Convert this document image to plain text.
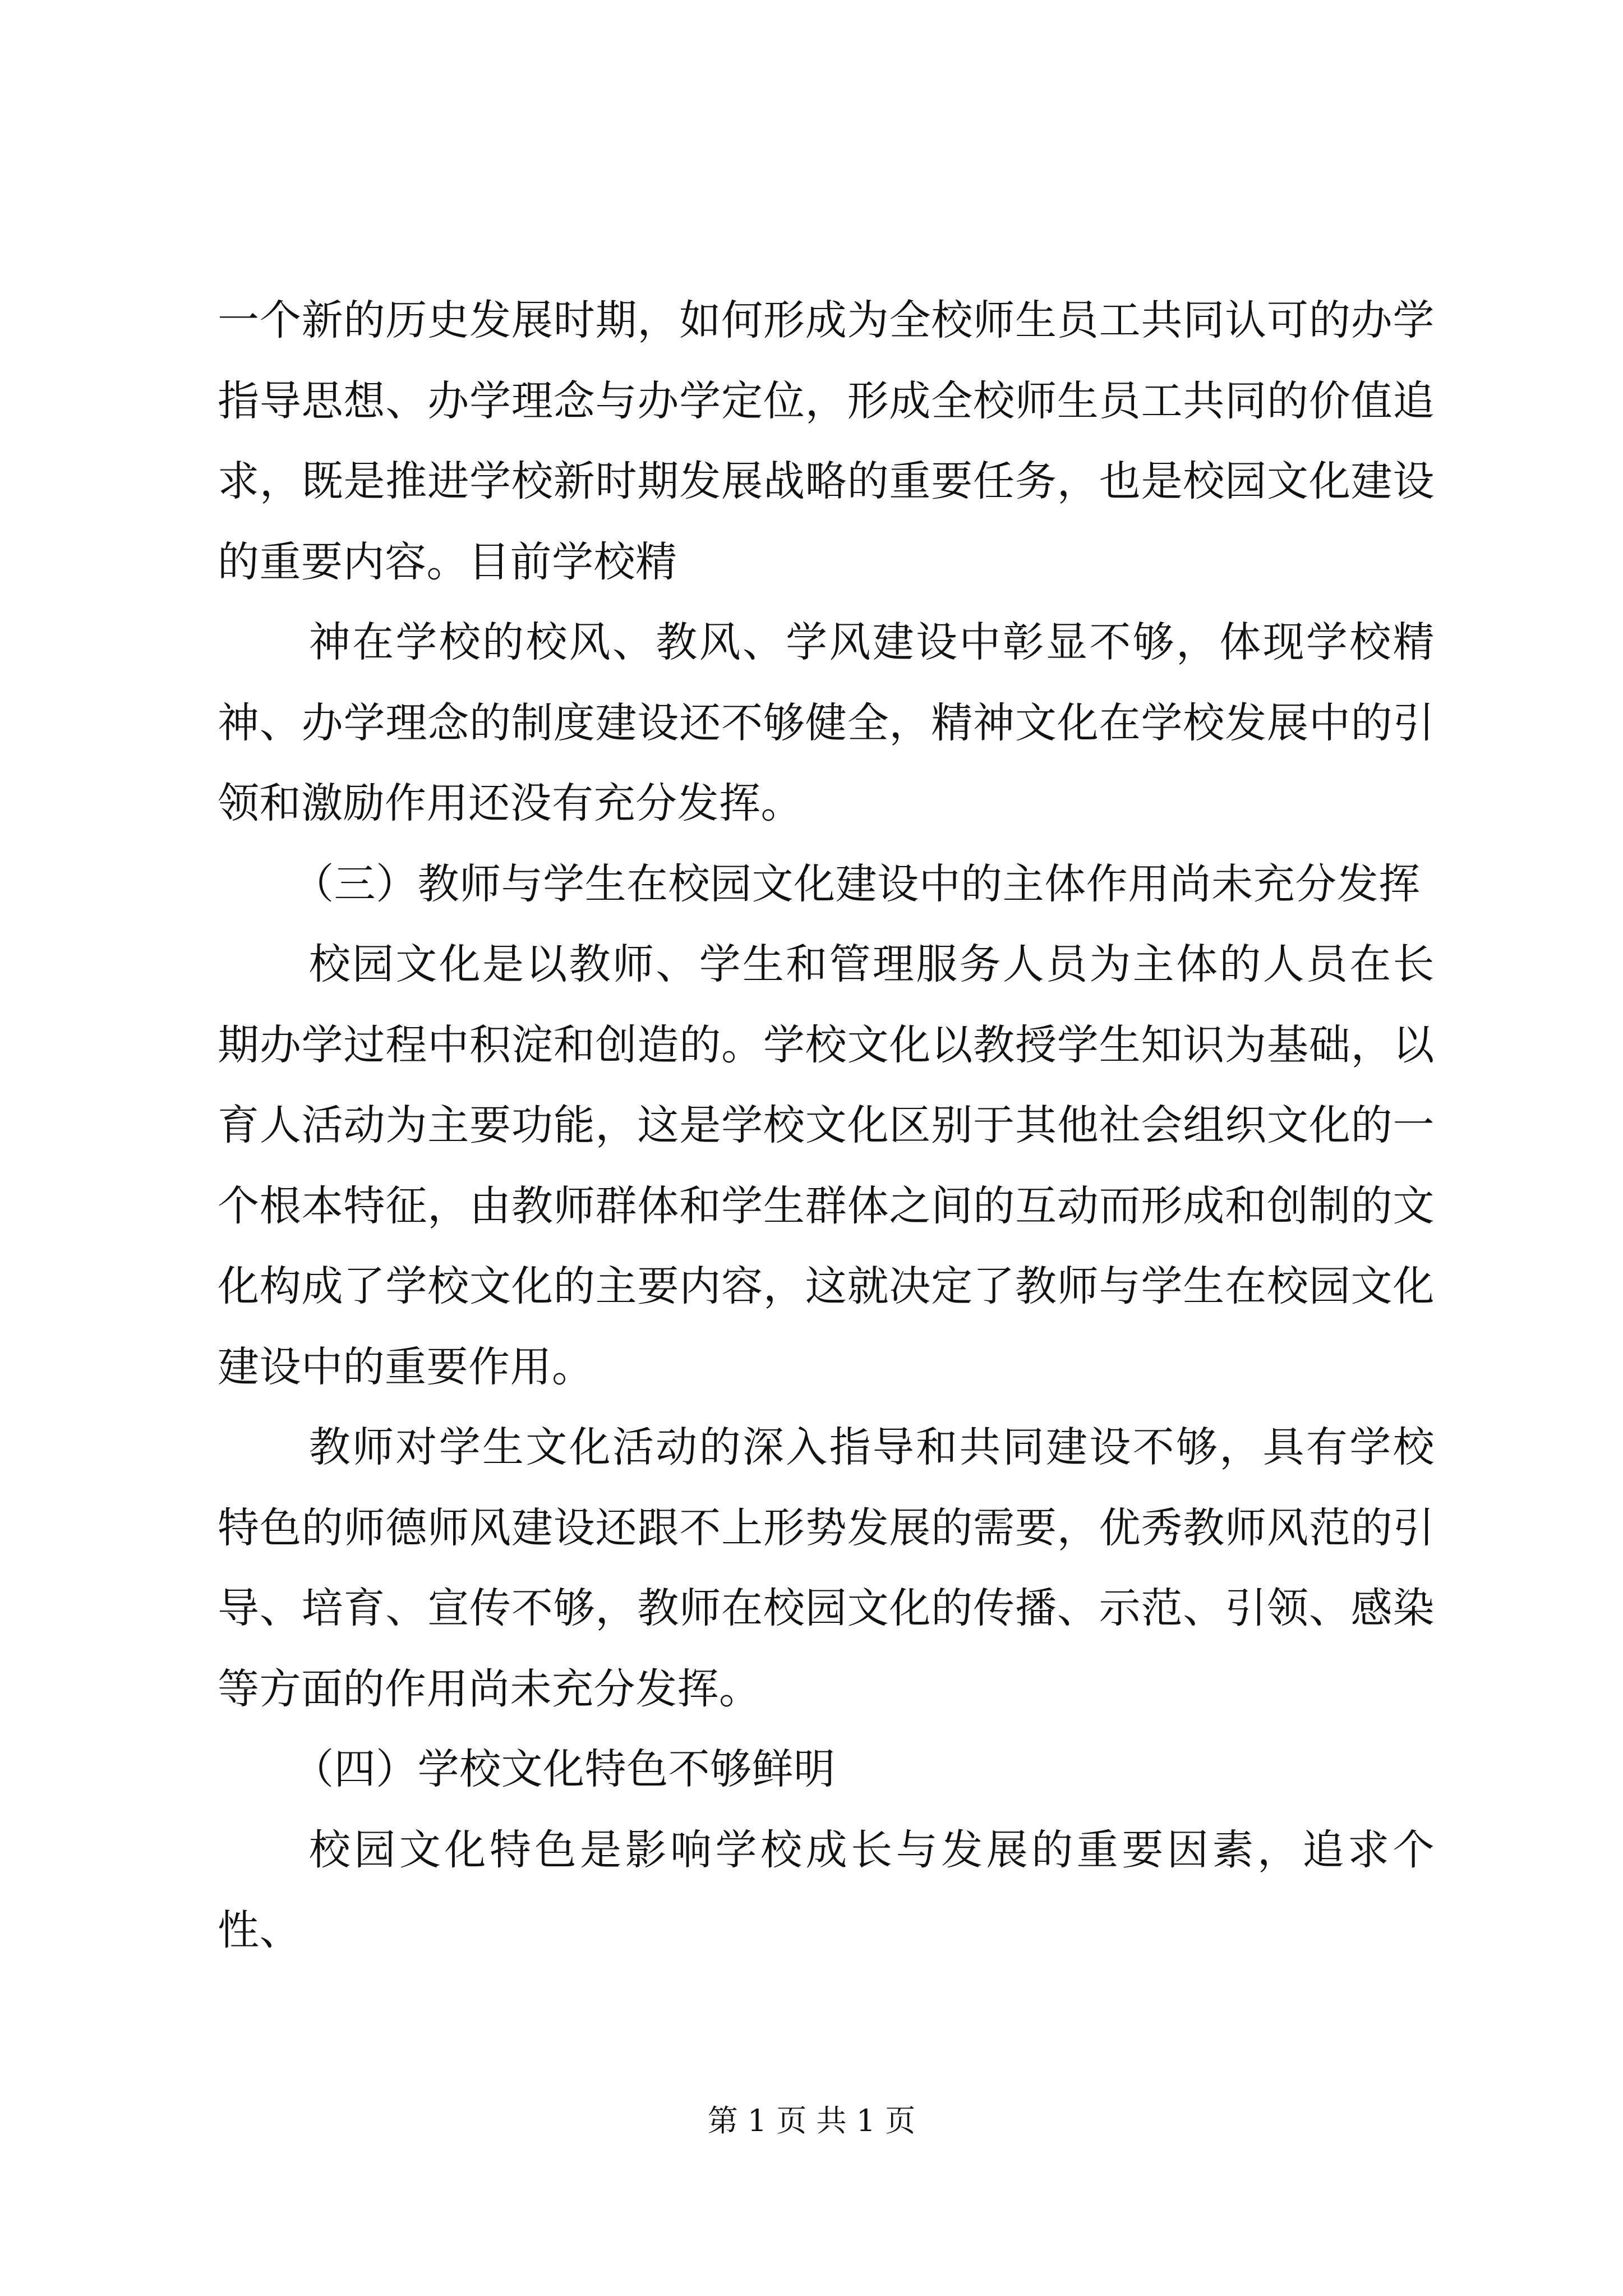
一个新的历史发展时期，如何形成为全校师生员工共同认可的办学指导思想、办学理念与办学定位，形成全校师生员工共同的价值追求，既是推进学校新时期发展战略的重要任务，也是校园文化建设的重要内容。目前学校精

神在学校的校风、教风、学风建设中彰显不够，体现学校精神、办学理念的制度建设还不够健全，精神文化在学校发展中的引领和激励作用还没有充分发挥。

（三）教师与学生在校园文化建设中的主体作用尚未充分发挥

校园文化是以教师、学生和管理服务人员为主体的人员在长期办学过程中积淀和创造的。学校文化以教授学生知识为基础，以育人活动为主要功能，这是学校文化区别于其他社会组织文化的一个根本特征，由教师群体和学生群体之间的互动而形成和创制的文化构成了学校文化的主要内容，这就决定了教师与学生在校园文化建设中的重要作用。

教师对学生文化活动的深入指导和共同建设不够，具有学校特色的师德师风建设还跟不上形势发展的需要，优秀教师风范的引导、培育、宣传不够，教师在校园文化的传播、示范、引领、感染等方面的作用尚未充分发挥。

（四）学校文化特色不够鲜明

校园文化特色是影响学校成长与发展的重要因素，追求个性、

第 1 页 共 1 页
